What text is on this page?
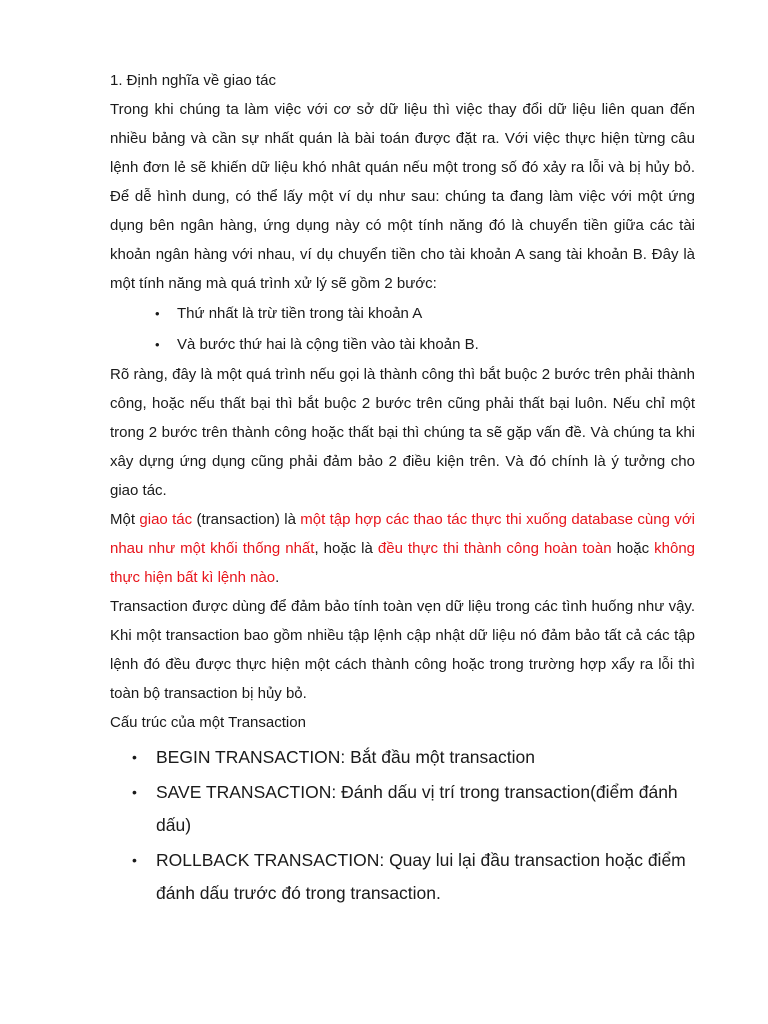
1. Định nghĩa về giao tác

Trong khi chúng ta làm việc với cơ sở dữ liệu thì việc thay đổi dữ liệu liên quan đến nhiều bảng và cần sự nhất quán là bài toán được đặt ra. Với việc thực hiện từng câu lệnh đơn lẻ sẽ khiến dữ liệu khó nhât quán nếu một trong số đó xảy ra lỗi và bị hủy bỏ. Để dễ hình dung, có thể lấy một ví dụ như sau: chúng ta đang làm việc với một ứng dụng bên ngân hàng, ứng dụng này có một tính năng đó là chuyển tiền giữa các tài khoản ngân hàng với nhau, ví dụ chuyển tiền cho tài khoản A sang tài khoản B. Đây là một tính năng mà quá trình xử lý sẽ gồm 2 bước:

• Thứ nhất là trừ tiền trong tài khoản A
• Và bước thứ hai là cộng tiền vào tài khoản B.

Rõ ràng, đây là một quá trình nếu gọi là thành công thì bắt buộc 2 bước trên phải thành công, hoặc nếu thất bại thì bắt buộc 2 bước trên cũng phải thất bại luôn. Nếu chỉ một trong 2 bước trên thành công hoặc thất bại thì chúng ta sẽ gặp vấn đề. Và chúng ta khi xây dựng ứng dụng cũng phải đảm bảo 2 điều kiện trên. Và đó chính là ý tưởng cho giao tác.

Một giao tác (transaction) là một tập hợp các thao tác thực thi xuống database cùng với nhau như một khối thống nhất, hoặc là đều thực thi thành công hoàn toàn hoặc không thực hiện bất kì lệnh nào.

Transaction được dùng để đảm bảo tính toàn vẹn dữ liệu trong các tình huống như vậy. Khi một transaction bao gồm nhiều tập lệnh cập nhật dữ liệu nó đảm bảo tất cả các tập lệnh đó đều được thực hiện một cách thành công hoặc trong trường hợp xẩy ra lỗi thì toàn bộ transaction bị hủy bỏ.

Cấu trúc của một Transaction

• BEGIN TRANSACTION: Bắt đầu một transaction
• SAVE TRANSACTION: Đánh dấu vị trí trong transaction(điểm đánh dấu)
• ROLLBACK TRANSACTION: Quay lui lại đầu transaction hoặc điểm đánh dấu trước đó trong transaction.
